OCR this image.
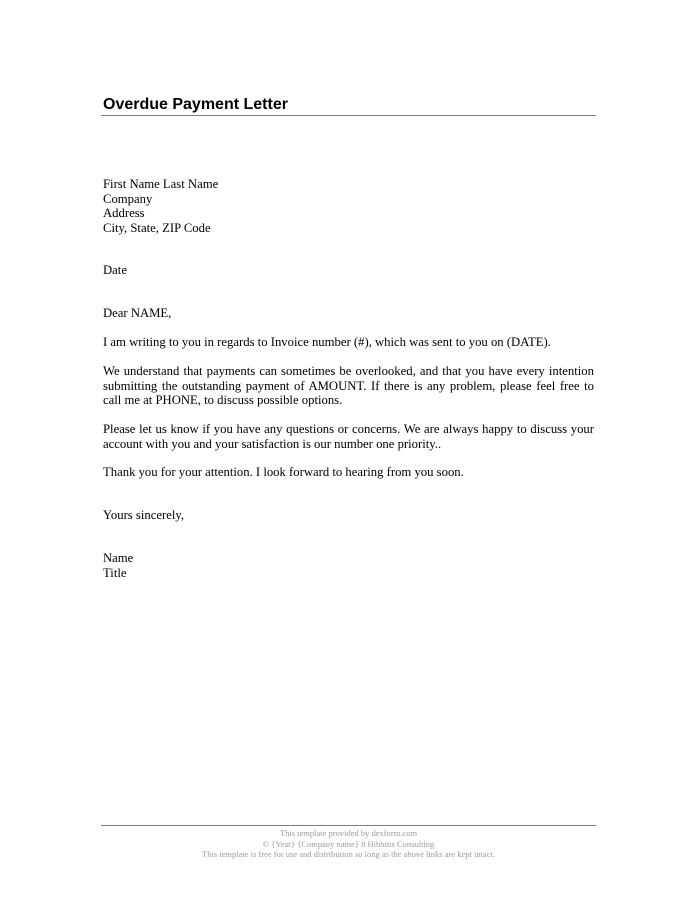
Overdue Payment Letter
First Name Last Name
Company
Address
City, State, ZIP Code

Date

Dear NAME,

I am writing to you in regards to Invoice number (#), which was sent to you on (DATE).

We understand that payments can sometimes be overlooked, and that you have every intention submitting the outstanding payment of AMOUNT. If there is any problem, please feel free to call me at PHONE, to discuss possible options.

Please let us know if you have any questions or concerns. We are always happy to discuss your account with you and your satisfaction is our number one priority..

Thank you for your attention. I look forward to hearing from you soon.

Yours sincerely,

Name
Title
This template provided by dexform.com
© {Year} {Company name} 8 Hibbitts Consulting
This template is free for use and distribution so long as the above links are kept intact.
